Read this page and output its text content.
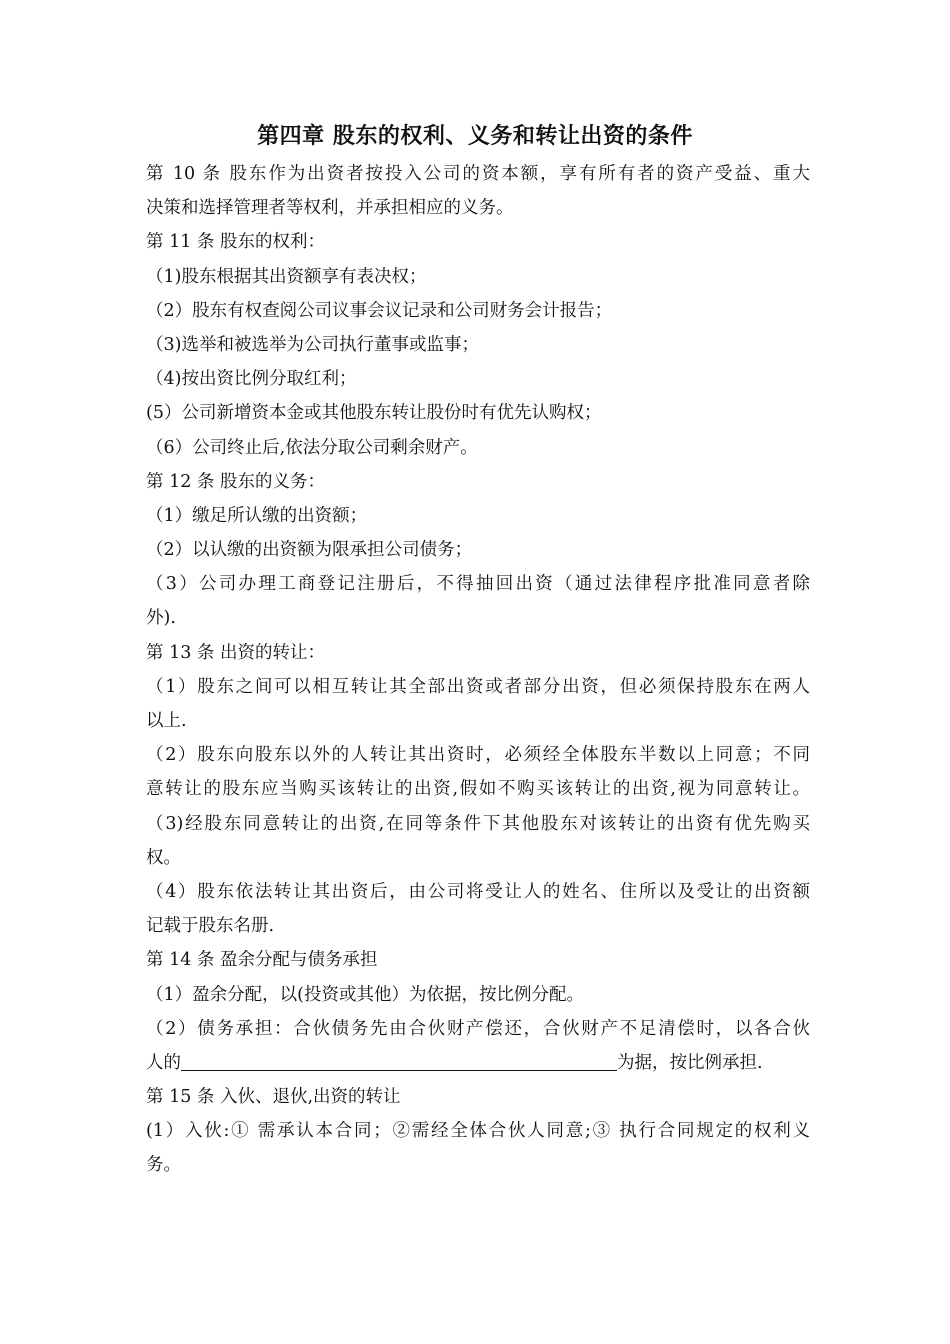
第四章 股东的权利、义务和转让出资的条件
第 10 条 股东作为出资者按投入公司的资本额，享有所有者的资产受益、重大
决策和选择管理者等权利，并承担相应的义务。
第 11 条 股东的权利：
（1)股东根据其出资额享有表决权；
（2）股东有权查阅公司议事会议记录和公司财务会计报告；
（3)选举和被选举为公司执行董事或监事；
（4)按出资比例分取红利；
(5）公司新增资本金或其他股东转让股份时有优先认购权；
（6）公司终止后,依法分取公司剩余财产。
第 12 条 股东的义务：
（1）缴足所认缴的出资额；
（2）以认缴的出资额为限承担公司债务；
（3）公司办理工商登记注册后，不得抽回出资（通过法律程序批准同意者除
外).
第 13 条 出资的转让：
（1）股东之间可以相互转让其全部出资或者部分出资，但必须保持股东在两人
以上.
（2）股东向股东以外的人转让其出资时，必须经全体股东半数以上同意；不同
意转让的股东应当购买该转让的出资,假如不购买该转让的出资,视为同意转让。
（3)经股东同意转让的出资,在同等条件下其他股东对该转让的出资有优先购买
权。
（4）股东依法转让其出资后，由公司将受让人的姓名、住所以及受让的出资额
记载于股东名册.
第 14 条 盈余分配与债务承担
（1）盈余分配，以(投资或其他）为依据，按比例分配。
（2）债务承担：合伙债务先由合伙财产偿还，合伙财产不足清偿时，以各合伙
人的	为据，按比例承担.
第 15 条 入伙、退伙,出资的转让
(1）入伙:① 需承认本合同；②需经全体合伙人同意;③ 执行合同规定的权利义
务。
